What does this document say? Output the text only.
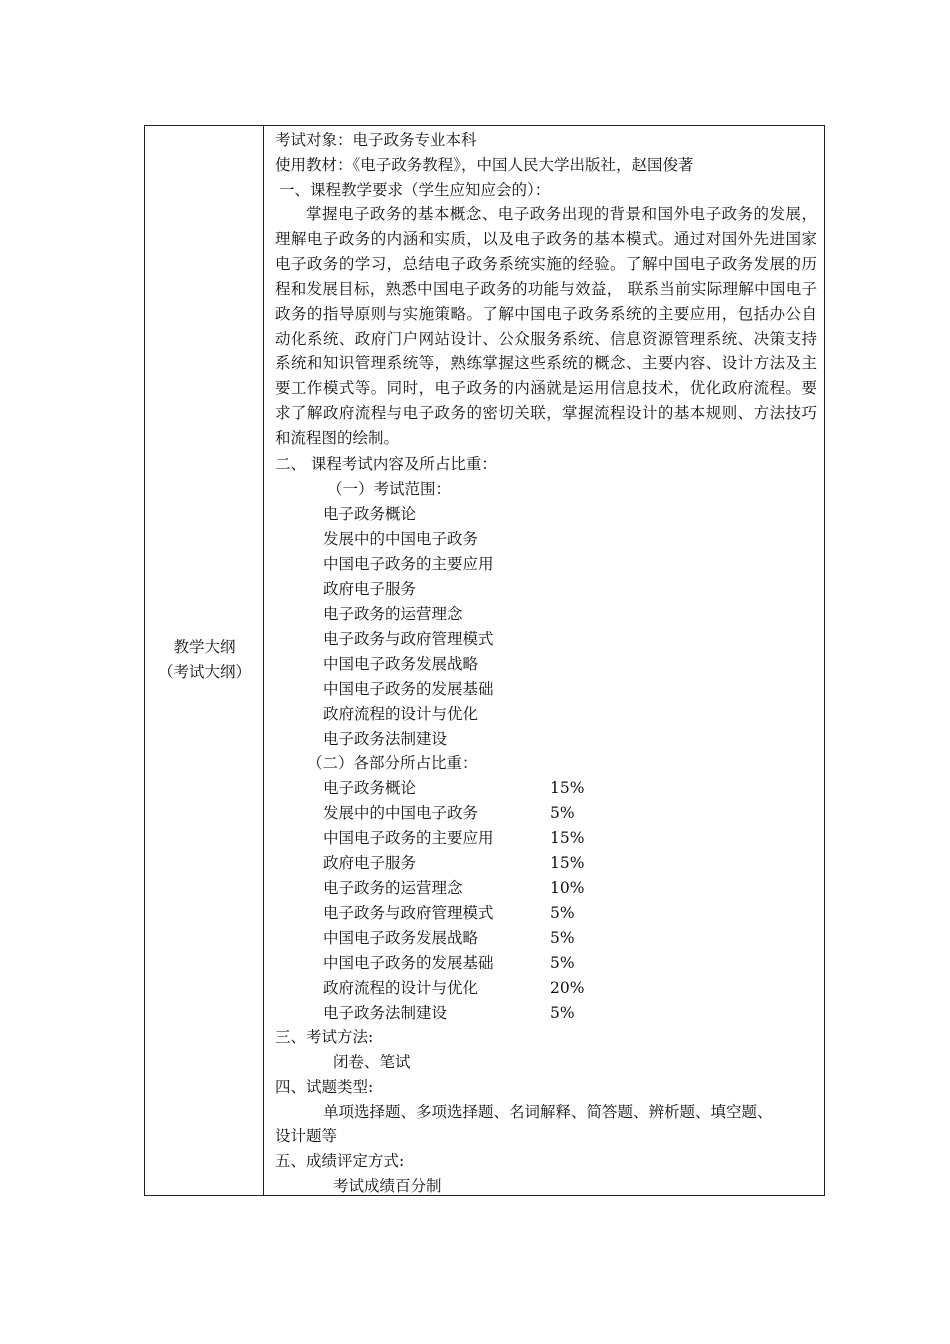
教学大纲
（考试大纲）
考试对象：电子政务专业本科
使用教材：《电子政务教程》，中国人民大学出版社，赵国俊著
一、课程教学要求（学生应知应会的）：
掌握电子政务的基本概念、电子政务出现的背景和国外电子政务的发展，理解电子政务的内涵和实质，以及电子政务的基本模式。通过对国外先进国家电子政务的学习，总结电子政务系统实施的经验。了解中国电子政务发展的历程和发展目标，熟悉中国电子政务的功能与效益， 联系当前实际理解中国电子政务的指导原则与实施策略。了解中国电子政务系统的主要应用，包括办公自动化系统、政府门户网站设计、公众服务系统、信息资源管理系统、决策支持系统和知识管理系统等，熟练掌握这些系统的概念、主要内容、设计方法及主要工作模式等。同时，电子政务的内涵就是运用信息技术，优化政府流程。要求了解政府流程与电子政务的密切关联，掌握流程设计的基本规则、方法技巧和流程图的绘制。
二、 课程考试内容及所占比重：
（一）考试范围：
电子政务概论
发展中的中国电子政务
中国电子政务的主要应用
政府电子服务
电子政务的运营理念
电子政务与政府管理模式
中国电子政务发展战略
中国电子政务的发展基础
政府流程的设计与优化
电子政务法制建设
（二）各部分所占比重：
电子政务概论	15%
发展中的中国电子政务	5%
中国电子政务的主要应用	15%
政府电子服务	15%
电子政务的运营理念	10%
电子政务与政府管理模式	5%
中国电子政务发展战略	5%
中国电子政务的发展基础	5%
政府流程的设计与优化	20%
电子政务法制建设	5%
三、考试方法:
闭卷、笔试
四、试题类型:
单项选择题、多项选择题、名词解释、简答题、辨析题、填空题、
设计题等
五、成绩评定方式:
考试成绩百分制
